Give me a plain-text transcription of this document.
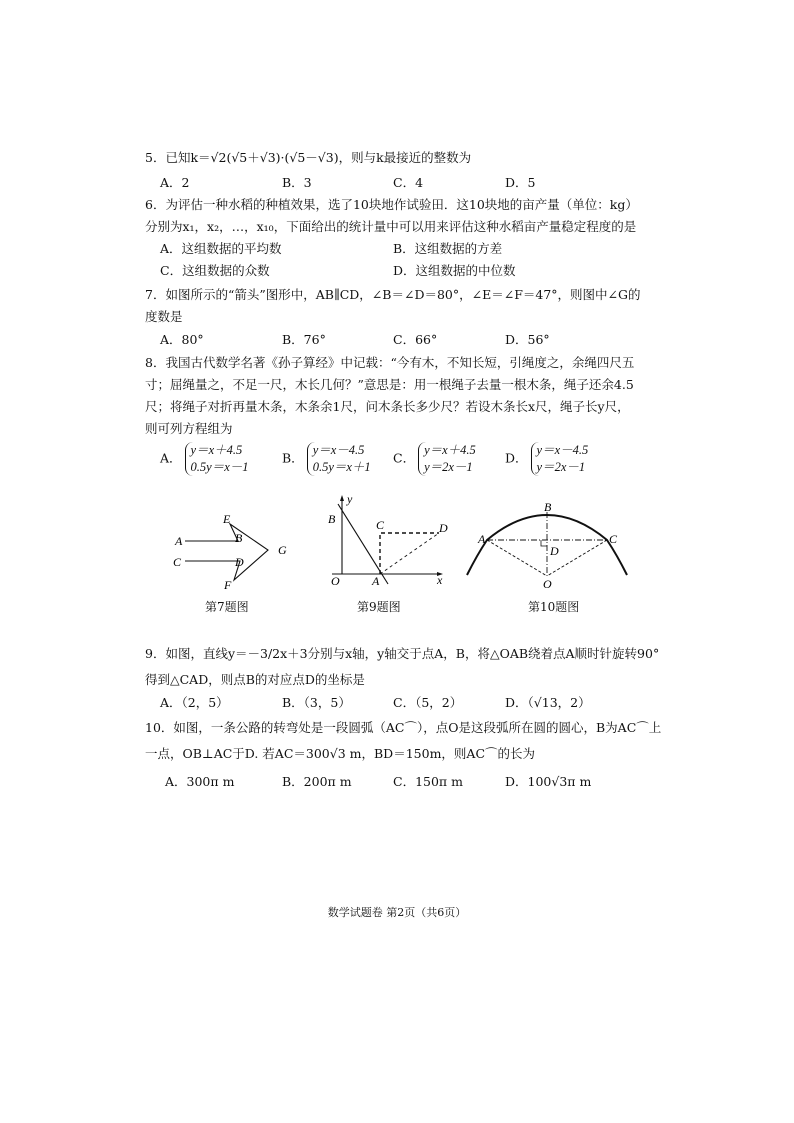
5．已知k＝√2(√5＋√3)·(√5－√3)，则与k最接近的整数为
A．2	B．3	C．4	D．5
6．为评估一种水稻的种植效果，选了10块地作试验田．这10块地的亩产量（单位：kg）
分别为x₁，x₂，…，x₁₀，下面给出的统计量中可以用来评估这种水稻亩产量稳定程度的是
A．这组数据的平均数	B．这组数据的方差
C．这组数据的众数	D．这组数据的中位数
7．如图所示的“箭头”图形中，AB∥CD，∠B＝∠D＝80°，∠E＝∠F＝47°，则图中∠G的
度数是
A．80°	B．76°	C．66°	D．56°
8．我国古代数学名著《孙子算经》中记载：“今有木，不知长短，引绳度之，余绳四尺五
寸；屈绳量之，不足一尺，木长几何？”意思是：用一根绳子去量一根木条，绳子还余4.5
尺；将绳子对折再量木条，木条余1尺，问木条长多少尺？若设木条长x尺，绳子长y尺，
则可列方程组为
A．
y＝x＋4.5
0.5y＝x－1
B．
y＝x－4.5
0.5y＝x＋1
C．
y＝x＋4.5
y＝2x－1
D．
y＝x－4.5
y＝2x－1
A	B
C	D
E
F
G
第7题图
y
x
O	A
B	C	D
第9题图
B
A	C
D
O
第10题图
9．如图，直线y＝－3/2x＋3分别与x轴，y轴交于点A，B，将△OAB绕着点A顺时针旋转90°
得到△CAD，则点B的对应点D的坐标是
A．（2，5）	B．（3，5）	C．（5，2）	D．（√13，2）
10．如图，一条公路的转弯处是一段圆弧（AC⌒），点O是这段弧所在圆的圆心，B为AC⌒上
一点，OB⊥AC于D. 若AC＝300√3 m，BD＝150m，则AC⌒的长为
A．300π m	B．200π m	C．150π m	D．100√3π m
数学试题卷 第2页（共6页）
